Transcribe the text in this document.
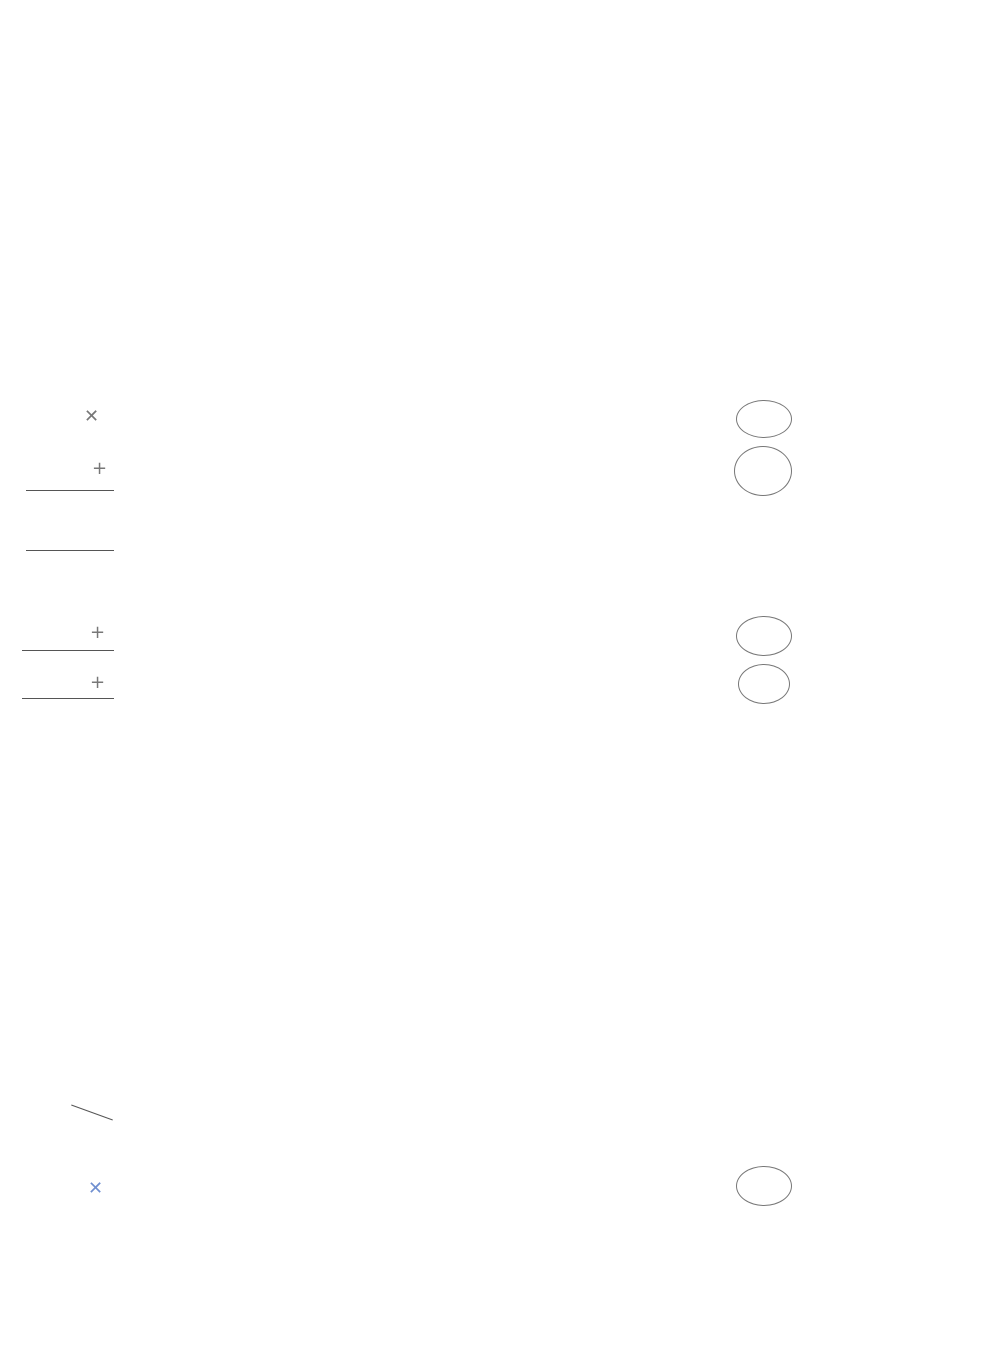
✕
+
+
+
✕
